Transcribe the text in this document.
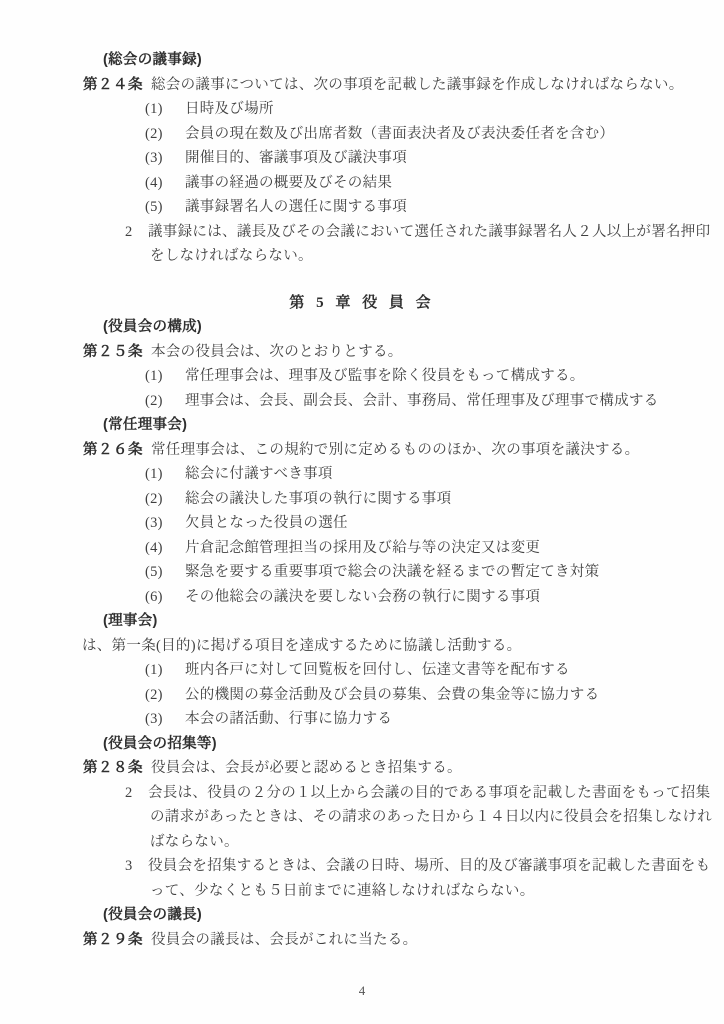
(総会の議事録)
第２４条 総会の議事については、次の事項を記載した議事録を作成しなければならない。
(1) 日時及び場所
(2) 会員の現在数及び出席者数（書面表決者及び表決委任者を含む）
(3) 開催目的、審議事項及び議決事項
(4) 議事の経過の概要及びその結果
(5) 議事録署名人の選任に関する事項
2 議事録には、議長及びその会議において選任された議事録署名人２人以上が署名押印
をしなければならない。
第 5 章 役 員 会
(役員会の構成)
第２５条 本会の役員会は、次のとおりとする。
(1) 常任理事会は、理事及び監事を除く役員をもって構成する。
(2) 理事会は、会長、副会長、会計、事務局、常任理事及び理事で構成する
(常任理事会)
第２６条 常任理事会は、この規約で別に定めるもののほか、次の事項を議決する。
(1) 総会に付議すべき事項
(2) 総会の議決した事項の執行に関する事項
(3) 欠員となった役員の選任
(4) 片倉記念館管理担当の採用及び給与等の決定又は変更
(5) 緊急を要する重要事項で総会の決議を経るまでの暫定てき対策
(6) その他総会の議決を要しない会務の執行に関する事項
(理事会)
は、第一条(目的)に掲げる項目を達成するために協議し活動する。
(1) 班内各戸に対して回覧板を回付し、伝達文書等を配布する
(2) 公的機関の募金活動及び会員の募集、会費の集金等に協力する
(3) 本会の諸活動、行事に協力する
(役員会の招集等)
第２８条 役員会は、会長が必要と認めるとき招集する。
2 会長は、役員の２分の１以上から会議の目的である事項を記載した書面をもって招集
の請求があったときは、その請求のあった日から１４日以内に役員会を招集しなけれ
ばならない。
3 役員会を招集するときは、会議の日時、場所、目的及び審議事項を記載した書面をも
って、少なくとも５日前までに連絡しなければならない。
(役員会の議長)
第２９条 役員会の議長は、会長がこれに当たる。
4
